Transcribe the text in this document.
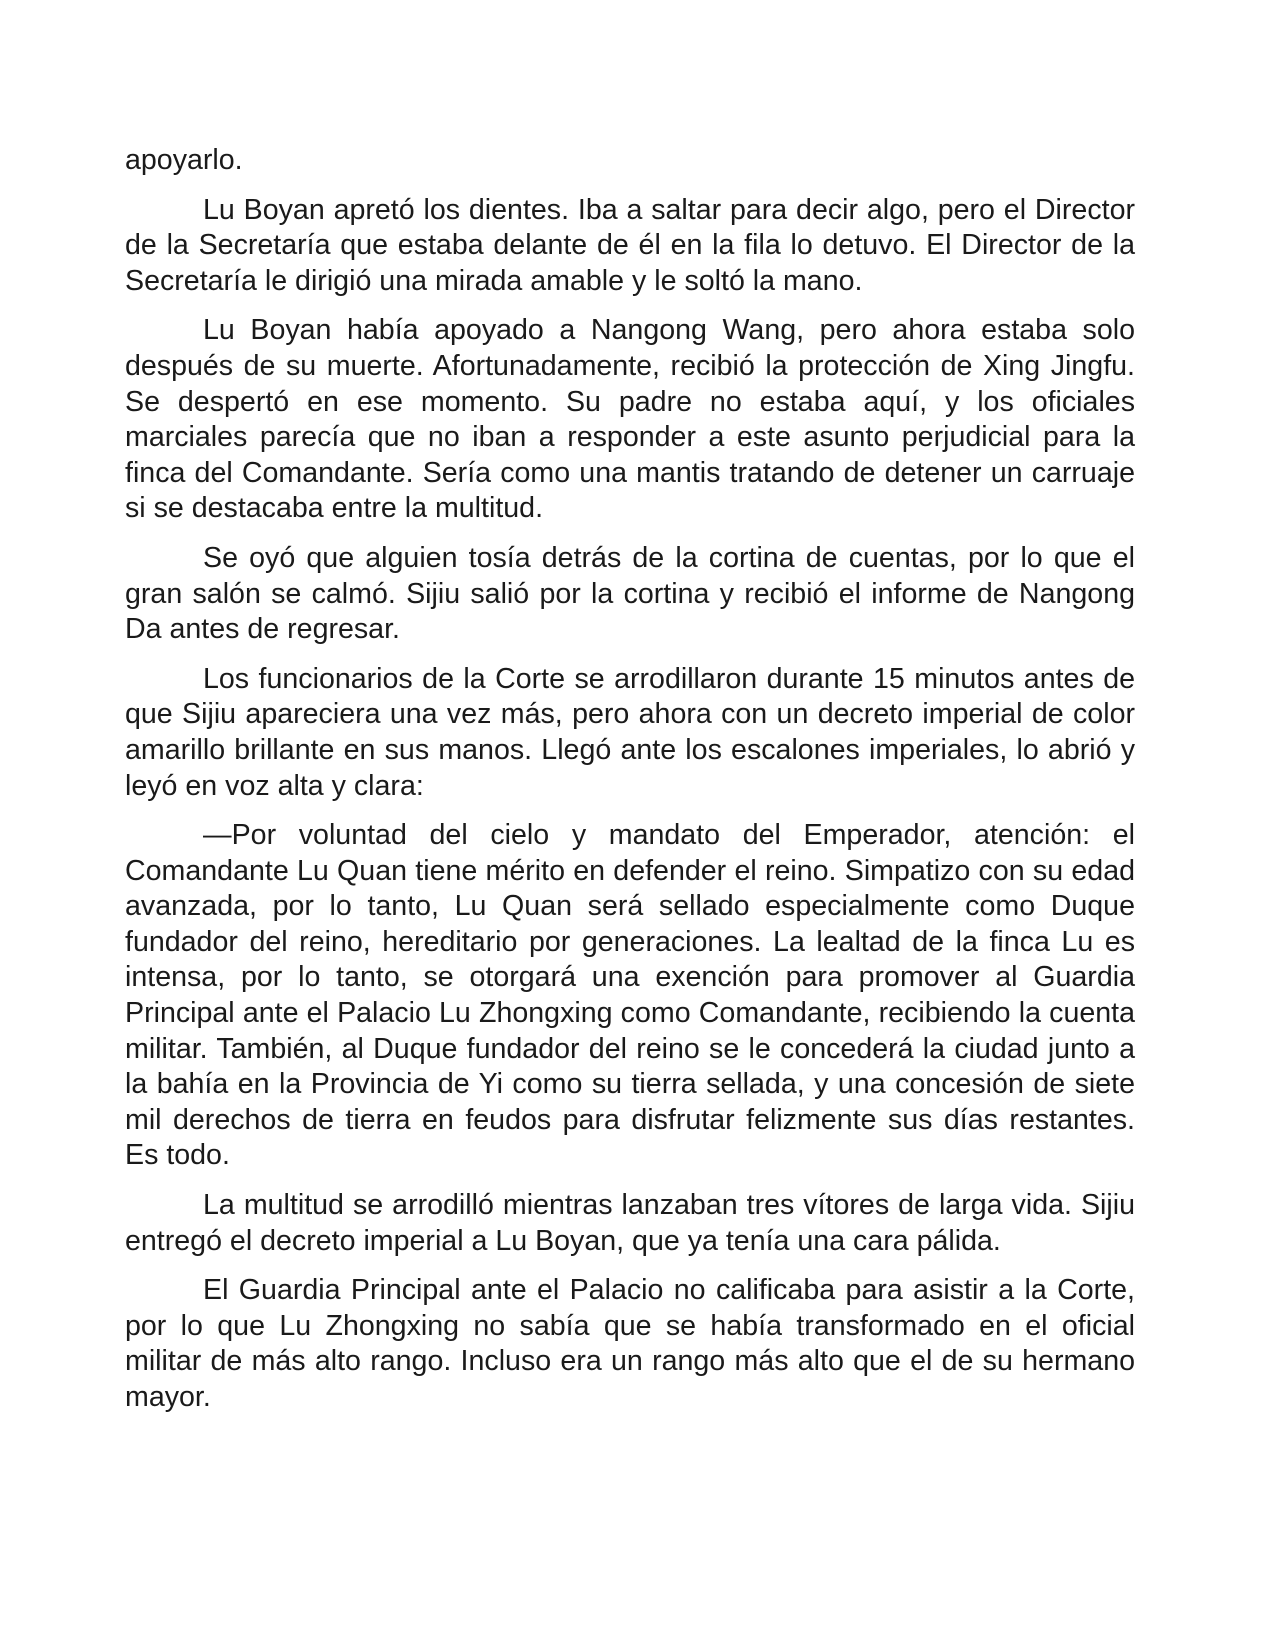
apoyarlo.

Lu Boyan apretó los dientes. Iba a saltar para decir algo, pero el Director de la Secretaría que estaba delante de él en la fila lo detuvo. El Director de la Secretaría le dirigió una mirada amable y le soltó la mano.

Lu Boyan había apoyado a Nangong Wang, pero ahora estaba solo después de su muerte. Afortunadamente, recibió la protección de Xing Jingfu. Se despertó en ese momento. Su padre no estaba aquí, y los oficiales marciales parecía que no iban a responder a este asunto perjudicial para la finca del Comandante. Sería como una mantis tratando de detener un carruaje si se destacaba entre la multitud.

Se oyó que alguien tosía detrás de la cortina de cuentas, por lo que el gran salón se calmó. Sijiu salió por la cortina y recibió el informe de Nangong Da antes de regresar.

Los funcionarios de la Corte se arrodillaron durante 15 minutos antes de que Sijiu apareciera una vez más, pero ahora con un decreto imperial de color amarillo brillante en sus manos. Llegó ante los escalones imperiales, lo abrió y leyó en voz alta y clara:

—Por voluntad del cielo y mandato del Emperador, atención: el Comandante Lu Quan tiene mérito en defender el reino. Simpatizo con su edad avanzada, por lo tanto, Lu Quan será sellado especialmente como Duque fundador del reino, hereditario por generaciones. La lealtad de la finca Lu es intensa, por lo tanto, se otorgará una exención para promover al Guardia Principal ante el Palacio Lu Zhongxing como Comandante, recibiendo la cuenta militar. También, al Duque fundador del reino se le concederá la ciudad junto a la bahía en la Provincia de Yi como su tierra sellada, y una concesión de siete mil derechos de tierra en feudos para disfrutar felizmente sus días restantes. Es todo.

La multitud se arrodilló mientras lanzaban tres vítores de larga vida. Sijiu entregó el decreto imperial a Lu Boyan, que ya tenía una cara pálida.

El Guardia Principal ante el Palacio no calificaba para asistir a la Corte, por lo que Lu Zhongxing no sabía que se había transformado en el oficial militar de más alto rango. Incluso era un rango más alto que el de su hermano mayor.
